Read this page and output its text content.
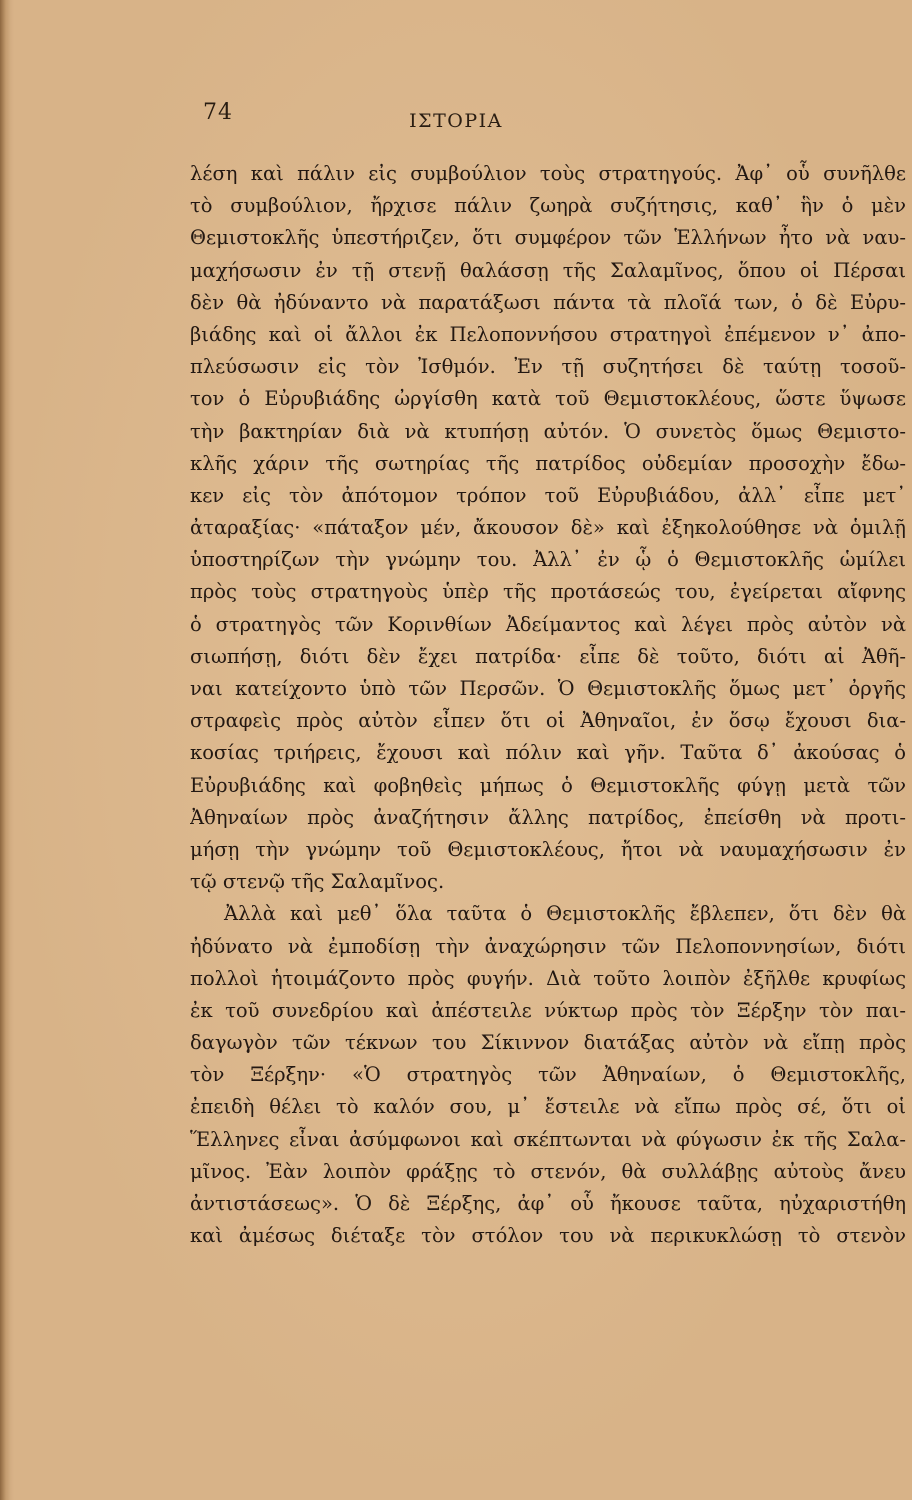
74	ΙΣΤΟΡΙΑ
λέση καὶ πάλιν εἰς συμβούλιον τοὺς στρατηγούς. Ἀφ᾽ οὗ συνῆλθε
τὸ συμβούλιον, ἤρχισε πάλιν ζωηρὰ συζήτησις, καθ᾽ ἣν ὁ μὲν
Θεμιστοκλῆς ὑπεστήριζεν, ὅτι συμφέρον τῶν Ἑλλήνων ἦτο νὰ ναυ-
μαχήσωσιν ἐν τῇ στενῇ θαλάσσῃ τῆς Σαλαμῖνος, ὅπου οἱ Πέρσαι
δὲν θὰ ἠδύναντο νὰ παρατάξωσι πάντα τὰ πλοῖά των, ὁ δὲ Εὐρυ-
βιάδης καὶ οἱ ἄλλοι ἐκ Πελοποννήσου στρατηγοὶ ἐπέμενον ν᾽ ἀπο-
πλεύσωσιν εἰς τὸν Ἰσθμόν. Ἐν τῇ συζητήσει δὲ ταύτῃ τοσοῦ-
τον ὁ Εὐρυβιάδης ὠργίσθη κατὰ τοῦ Θεμιστοκλέους, ὥστε ὕψωσε
τὴν βακτηρίαν διὰ νὰ κτυπήσῃ αὐτόν. Ὁ συνετὸς ὅμως Θεμιστο-
κλῆς χάριν τῆς σωτηρίας τῆς πατρίδος οὐδεμίαν προσοχὴν ἔδω-
κεν εἰς τὸν ἀπότομον τρόπον τοῦ Εὐρυβιάδου, ἀλλ᾽ εἶπε μετ᾽
ἀταραξίας· «πάταξον μέν, ἄκουσον δὲ» καὶ ἐξηκολούθησε νὰ ὁμιλῇ
ὑποστηρίζων τὴν γνώμην του. Ἀλλ᾽ ἐν ᾧ ὁ Θεμιστοκλῆς ὡμίλει
πρὸς τοὺς στρατηγοὺς ὑπὲρ τῆς προτάσεώς του, ἐγείρεται αἴφνης
ὁ στρατηγὸς τῶν Κορινθίων Ἀδείμαντος καὶ λέγει πρὸς αὐτὸν νὰ
σιωπήσῃ, διότι δὲν ἔχει πατρίδα· εἶπε δὲ τοῦτο, διότι αἱ Ἀθῆ-
ναι κατείχοντο ὑπὸ τῶν Περσῶν. Ὁ Θεμιστοκλῆς ὅμως μετ᾽ ὀργῆς
στραφεὶς πρὸς αὐτὸν εἶπεν ὅτι οἱ Ἀθηναῖοι, ἐν ὅσῳ ἔχουσι δια-
κοσίας τριήρεις, ἔχουσι καὶ πόλιν καὶ γῆν. Ταῦτα δ᾽ ἀκούσας ὁ
Εὐρυβιάδης καὶ φοβηθεὶς μήπως ὁ Θεμιστοκλῆς φύγῃ μετὰ τῶν
Ἀθηναίων πρὸς ἀναζήτησιν ἄλλης πατρίδος, ἐπείσθη νὰ προτι-
μήσῃ τὴν γνώμην τοῦ Θεμιστοκλέους, ἤτοι νὰ ναυμαχήσωσιν ἐν
τῷ στενῷ τῆς Σαλαμῖνος.
Ἀλλὰ καὶ μεθ᾽ ὅλα ταῦτα ὁ Θεμιστοκλῆς ἔβλεπεν, ὅτι δὲν θὰ
ἠδύνατο νὰ ἐμποδίσῃ τὴν ἀναχώρησιν τῶν Πελοποννησίων, διότι
πολλοὶ ἡτοιμάζοντο πρὸς φυγήν. Διὰ τοῦτο λοιπὸν ἐξῆλθε κρυφίως
ἐκ τοῦ συνεδρίου καὶ ἀπέστειλε νύκτωρ πρὸς τὸν Ξέρξην τὸν παι-
δαγωγὸν τῶν τέκνων του Σίκιννον διατάξας αὐτὸν νὰ εἴπῃ πρὸς
τὸν Ξέρξην· «Ὁ στρατηγὸς τῶν Ἀθηναίων, ὁ Θεμιστοκλῆς,
ἐπειδὴ θέλει τὸ καλόν σου, μ᾽ ἔστειλε νὰ εἴπω πρὸς σέ, ὅτι οἱ
Ἕλληνες εἶναι ἀσύμφωνοι καὶ σκέπτωνται νὰ φύγωσιν ἐκ τῆς Σαλα-
μῖνος. Ἐὰν λοιπὸν φράξῃς τὸ στενόν, θὰ συλλάβῃς αὐτοὺς ἄνευ
ἀντιστάσεως». Ὁ δὲ Ξέρξης, ἀφ᾽ οὗ ἤκουσε ταῦτα, ηὐχαριστήθη
καὶ ἀμέσως διέταξε τὸν στόλον του νὰ περικυκλώσῃ τὸ στενὸν
